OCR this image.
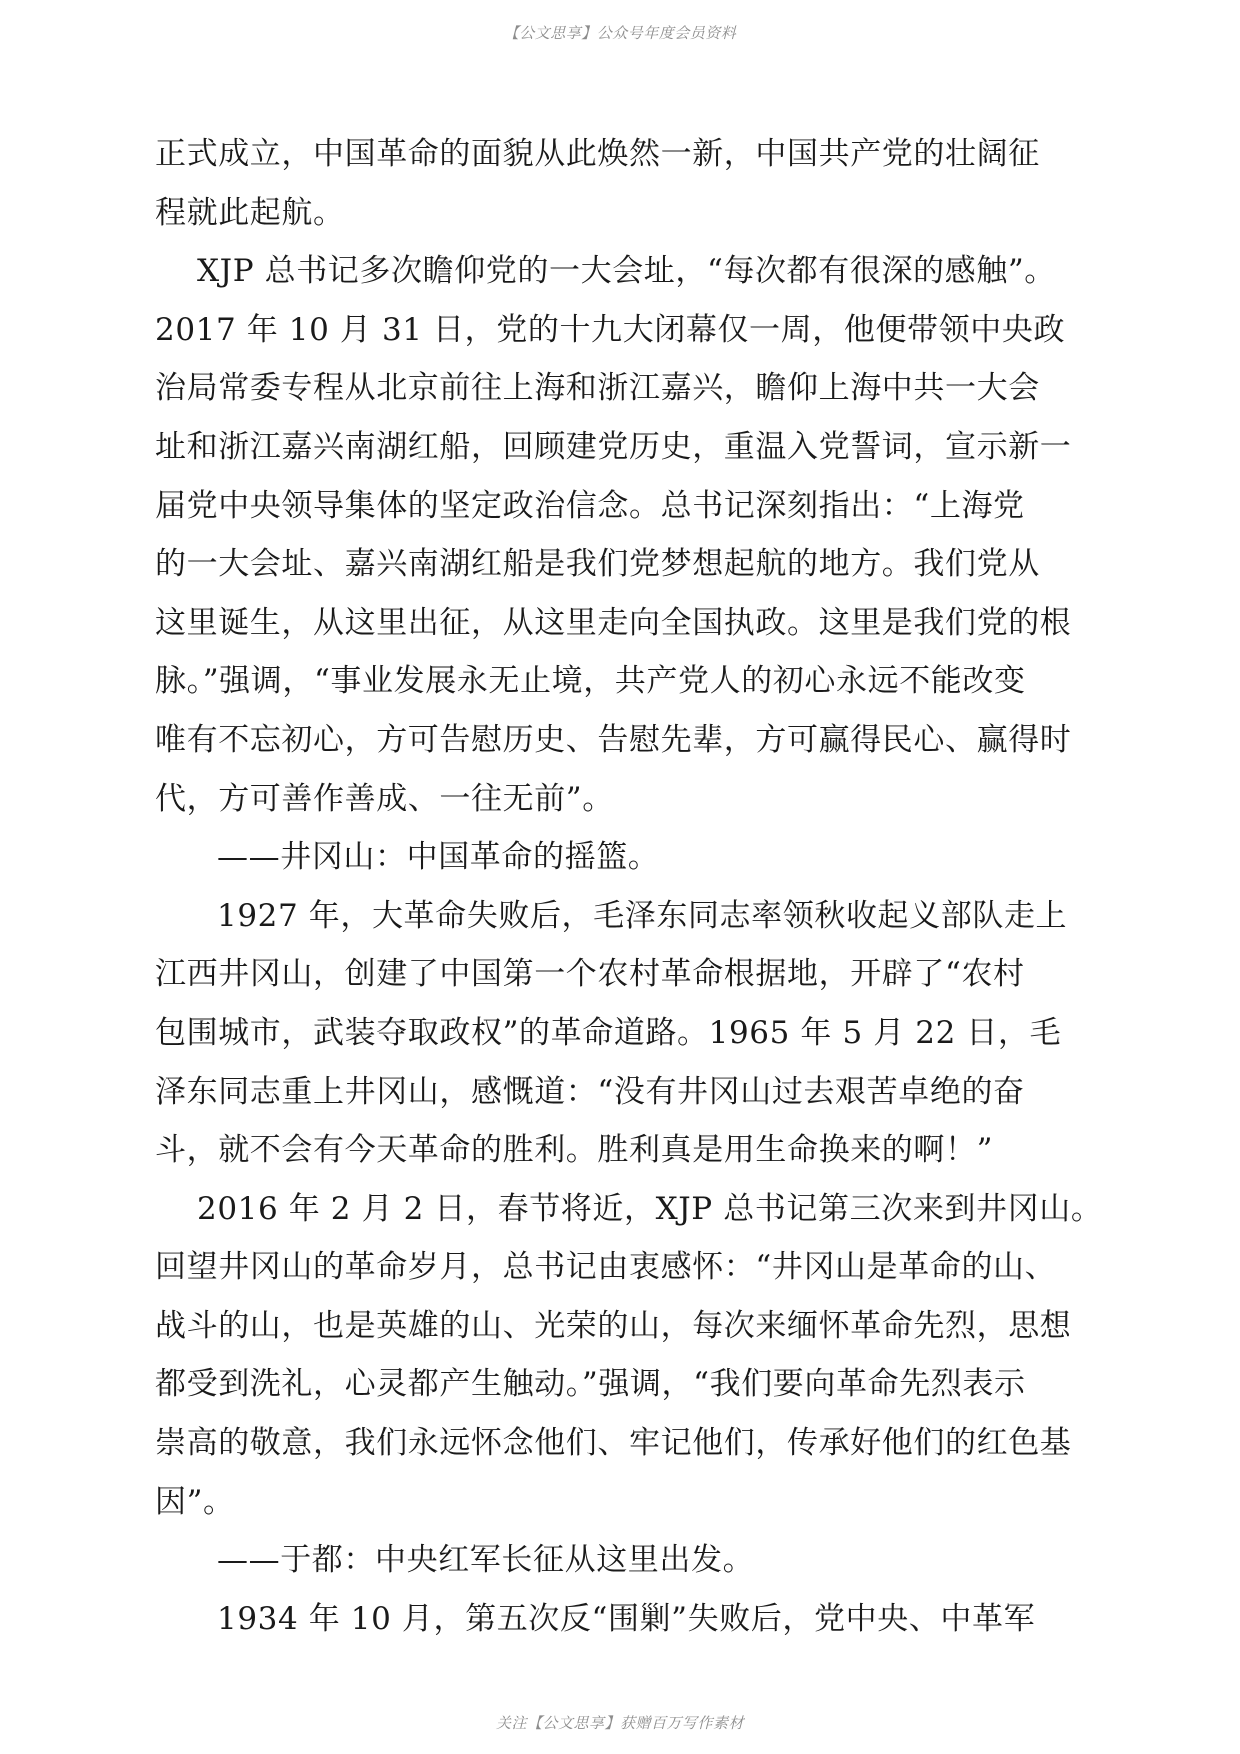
【公文思享】公众号年度会员资料
正式成立，中国革命的面貌从此焕然一新，中国共产党的壮阔征
程就此起航。
XJP 总书记多次瞻仰党的一大会址，“每次都有很深的感触”。
2017 年 10 月 31 日，党的十九大闭幕仅一周，他便带领中央政
治局常委专程从北京前往上海和浙江嘉兴，瞻仰上海中共一大会
址和浙江嘉兴南湖红船，回顾建党历史，重温入党誓词，宣示新一
届党中央领导集体的坚定政治信念。总书记深刻指出：“上海党
的一大会址、嘉兴南湖红船是我们党梦想起航的地方。我们党从
这里诞生，从这里出征，从这里走向全国执政。这里是我们党的根
脉。”强调，“事业发展永无止境，共产党人的初心永远不能改变
唯有不忘初心，方可告慰历史、告慰先辈，方可赢得民心、赢得时
代，方可善作善成、一往无前”。
——井冈山：中国革命的摇篮。
1927 年，大革命失败后，毛泽东同志率领秋收起义部队走上
江西井冈山，创建了中国第一个农村革命根据地，开辟了“农村
包围城市，武装夺取政权”的革命道路。1965 年 5 月 22 日，毛
泽东同志重上井冈山，感慨道：“没有井冈山过去艰苦卓绝的奋
斗，就不会有今天革命的胜利。胜利真是用生命换来的啊！”
2016 年 2 月 2 日，春节将近，XJP 总书记第三次来到井冈山。
回望井冈山的革命岁月，总书记由衷感怀：“井冈山是革命的山、
战斗的山，也是英雄的山、光荣的山，每次来缅怀革命先烈，思想
都受到洗礼，心灵都产生触动。”强调，“我们要向革命先烈表示
崇高的敬意，我们永远怀念他们、牢记他们，传承好他们的红色基
因”。
——于都：中央红军长征从这里出发。
1934 年 10 月，第五次反“围剿”失败后，党中央、中革军
关注【公文思享】获赠百万写作素材
